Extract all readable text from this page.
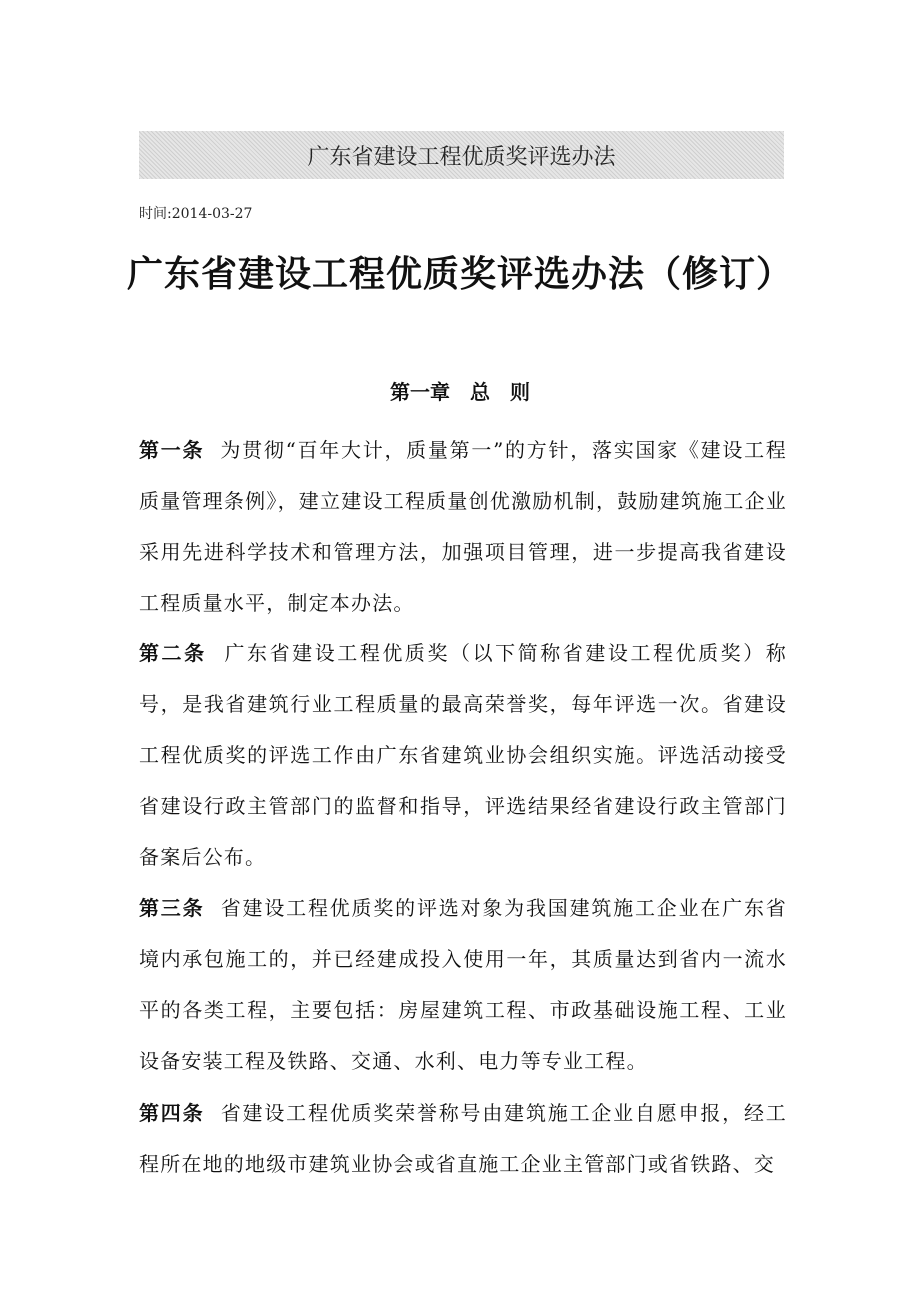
广东省建设工程优质奖评选办法
时间:2014-03-27
广东省建设工程优质奖评选办法（修订）
第一章　 总　则

第一条 为贯彻“百年大计，质量第一”的方针，落实国家《建设工程质量管理条例》，建立建设工程质量创优激励机制，鼓励建筑施工企业采用先进科学技术和管理方法，加强项目管理，进一步提高我省建设工程质量水平，制定本办法。

第二条 广东省建设工程优质奖（以下简称省建设工程优质奖）称号，是我省建筑行业工程质量的最高荣誉奖，每年评选一次。省建设工程优质奖的评选工作由广东省建筑业协会组织实施。评选活动接受省建设行政主管部门的监督和指导，评选结果经省建设行政主管部门备案后公布。

第三条 省建设工程优质奖的评选对象为我国建筑施工企业在广东省境内承包施工的，并已经建成投入使用一年，其质量达到省内一流水平的各类工程，主要包括：房屋建筑工程、市政基础设施工程、工业设备安装工程及铁路、交通、水利、电力等专业工程。

第四条 省建设工程优质奖荣誉称号由建筑施工企业自愿申报，经工程所在地的地级市建筑业协会或省直施工企业主管部门或省铁路、交
